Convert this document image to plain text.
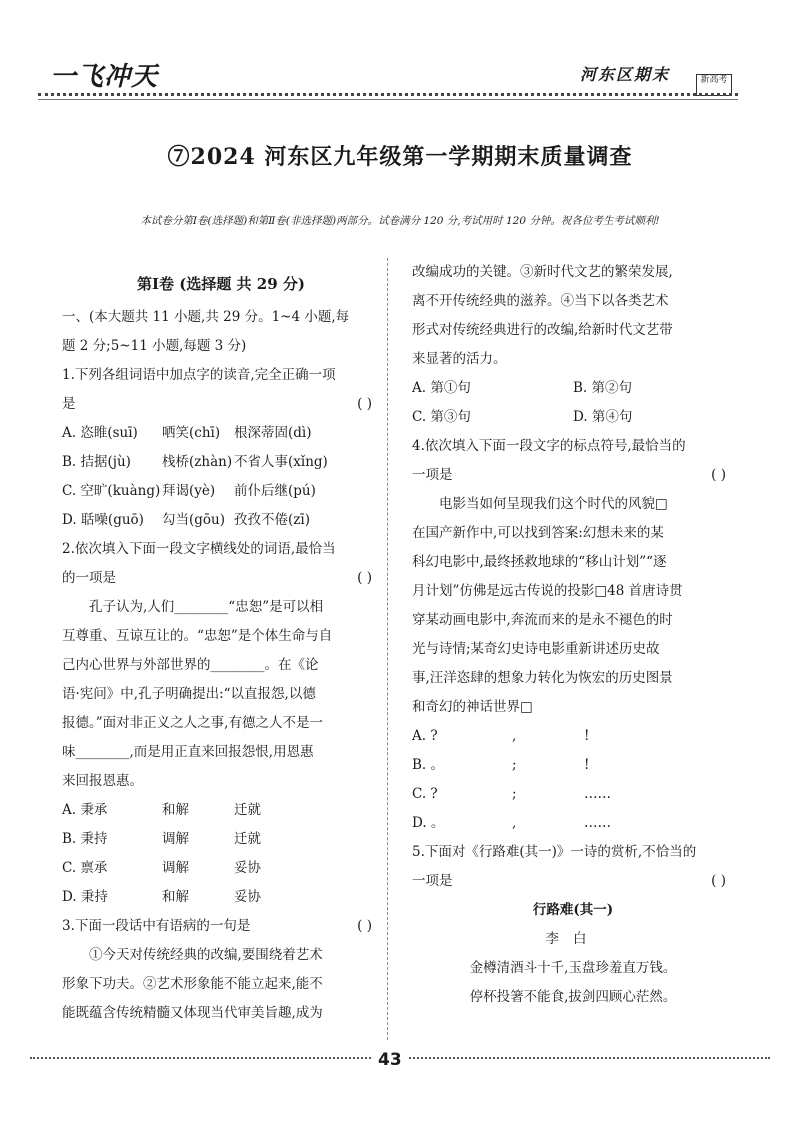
一飞冲天	河东区期末	新高考
⑦2024 河东区九年级第一学期期末质量调查
本试卷分第Ⅰ卷(选择题)和第Ⅱ卷(非选择题)两部分。试卷满分 120 分,考试用时 120 分钟。祝各位考生考试顺利!
第Ⅰ卷 (选择题 共 29 分)
一、(本大题共 11 小题,共 29 分。1~4 小题,每
题 2 分;5~11 小题,每题 3 分)
1.下列各组词语中加点字的读音,完全正确一项
是	( )
A. 恣睢(suī)	哂笑(chī)	根深蒂固(dì)
B. 拮据(jù)	栈桥(zhàn) 不省人事(xǐng)
C. 空旷(kuàng) 拜谒(yè)	前仆后继(pú)
D. 聒噪(guō)	勾当(gōu) 孜孜不倦(zī)
2.依次填入下面一段文字横线处的词语,最恰当
的一项是	( )
孔子认为,人们________“忠恕”是可以相
互尊重、互谅互让的。“忠恕”是个体生命与自
己内心世界与外部世界的________。在《论
语·宪问》中,孔子明确提出:“以直报怨,以德
报德。”面对非正义之人之事,有德之人不是一
味________,而是用正直来回报怨恨,用恩惠
来回报恩惠。
A. 秉承	和解	迁就
B. 秉持	调解	迁就
C. 禀承	调解	妥协
D. 秉持	和解	妥协
3.下面一段话中有语病的一句是	( )
①今天对传统经典的改编,要围绕着艺术
形象下功夫。②艺术形象能不能立起来,能不
能既蕴含传统精髓又体现当代审美旨趣,成为
改编成功的关键。③新时代文艺的繁荣发展,
离不开传统经典的滋养。④当下以各类艺术
形式对传统经典进行的改编,给新时代文艺带
来显著的活力。
A. 第①句	B. 第②句
C. 第③句	D. 第④句
4.依次填入下面一段文字的标点符号,最恰当的
一项是	( )
电影当如何呈现我们这个时代的风貌□
在国产新作中,可以找到答案:幻想未来的某
科幻电影中,最终拯救地球的“移山计划”“逐
月计划”仿佛是远古传说的投影□48 首唐诗贯
穿某动画电影中,奔流而来的是永不褪色的时
光与诗情;某奇幻史诗电影重新讲述历史故
事,汪洋恣肆的想象力转化为恢宏的历史图景
和奇幻的神话世界□
A. ?	,	!
B. 。	;	!
C. ?	;	……
D. 。	,	……
5.下面对《行路难(其一)》一诗的赏析,不恰当的
一项是	( )
行路难(其一)
李白
金樽清酒斗十千,玉盘珍羞直万钱。
停杯投箸不能食,拔剑四顾心茫然。
43
